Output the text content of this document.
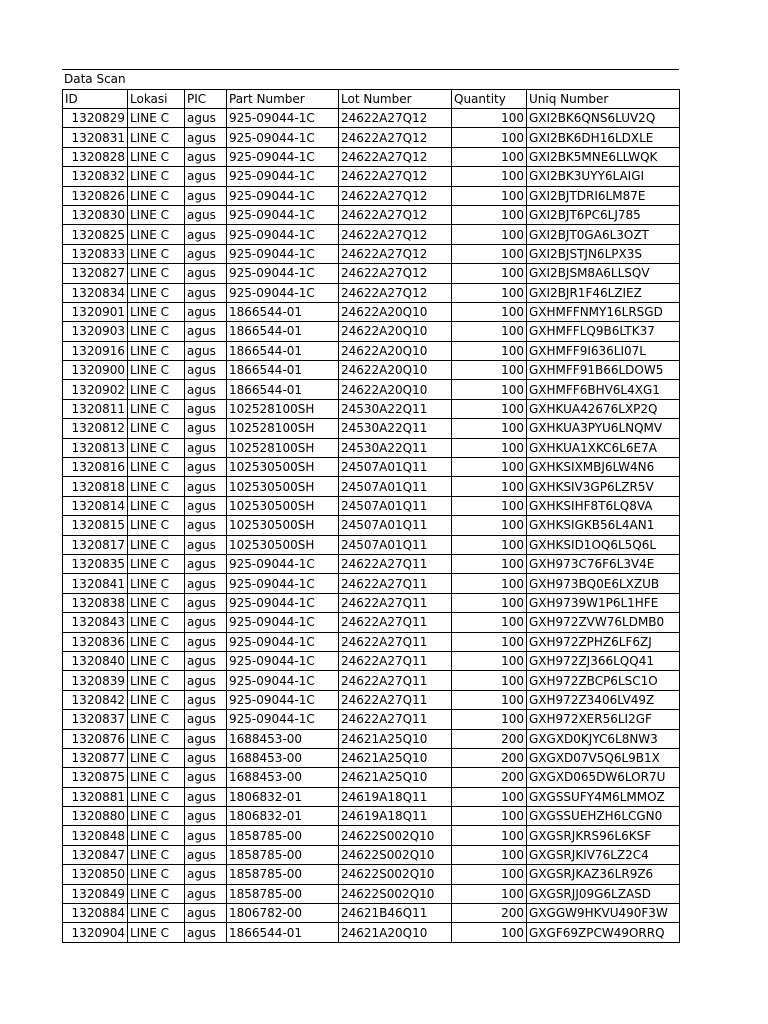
Data Scan
ID	Lokasi	PIC	Part Number	Lot Number	Quantity	Uniq Number
1320829	LINE C	agus	925-09044-1C	24622A27Q12	100	GXI2BK6QNS6LUV2Q
1320831	LINE C	agus	925-09044-1C	24622A27Q12	100	GXI2BK6DH16LDXLE
1320828	LINE C	agus	925-09044-1C	24622A27Q12	100	GXI2BK5MNE6LLWQK
1320832	LINE C	agus	925-09044-1C	24622A27Q12	100	GXI2BK3UYY6LAIGI
1320826	LINE C	agus	925-09044-1C	24622A27Q12	100	GXI2BJTDRI6LM87E
1320830	LINE C	agus	925-09044-1C	24622A27Q12	100	GXI2BJT6PC6LJ785
1320825	LINE C	agus	925-09044-1C	24622A27Q12	100	GXI2BJT0GA6L3OZT
1320833	LINE C	agus	925-09044-1C	24622A27Q12	100	GXI2BJSTJN6LPX3S
1320827	LINE C	agus	925-09044-1C	24622A27Q12	100	GXI2BJSM8A6LLSQV
1320834	LINE C	agus	925-09044-1C	24622A27Q12	100	GXI2BJR1F46LZIEZ
1320901	LINE C	agus	1866544-01	24622A20Q10	100	GXHMFFNMY16LRSGD
1320903	LINE C	agus	1866544-01	24622A20Q10	100	GXHMFFLQ9B6LTK37
1320916	LINE C	agus	1866544-01	24622A20Q10	100	GXHMFF9I636LI07L
1320900	LINE C	agus	1866544-01	24622A20Q10	100	GXHMFF91B66LDOW5
1320902	LINE C	agus	1866544-01	24622A20Q10	100	GXHMFF6BHV6L4XG1
1320811	LINE C	agus	102528100SH	24530A22Q11	100	GXHKUA42676LXP2Q
1320812	LINE C	agus	102528100SH	24530A22Q11	100	GXHKUA3PYU6LNQMV
1320813	LINE C	agus	102528100SH	24530A22Q11	100	GXHKUA1XKC6L6E7A
1320816	LINE C	agus	102530500SH	24507A01Q11	100	GXHKSIXMBJ6LW4N6
1320818	LINE C	agus	102530500SH	24507A01Q11	100	GXHKSIV3GP6LZR5V
1320814	LINE C	agus	102530500SH	24507A01Q11	100	GXHKSIHF8T6LQ8VA
1320815	LINE C	agus	102530500SH	24507A01Q11	100	GXHKSIGKB56L4AN1
1320817	LINE C	agus	102530500SH	24507A01Q11	100	GXHKSID1OQ6L5Q6L
1320835	LINE C	agus	925-09044-1C	24622A27Q11	100	GXH973C76F6L3V4E
1320841	LINE C	agus	925-09044-1C	24622A27Q11	100	GXH973BQ0E6LXZUB
1320838	LINE C	agus	925-09044-1C	24622A27Q11	100	GXH9739W1P6L1HFE
1320843	LINE C	agus	925-09044-1C	24622A27Q11	100	GXH972ZVW76LDMB0
1320836	LINE C	agus	925-09044-1C	24622A27Q11	100	GXH972ZPHZ6LF6ZJ
1320840	LINE C	agus	925-09044-1C	24622A27Q11	100	GXH972ZJ366LQQ41
1320839	LINE C	agus	925-09044-1C	24622A27Q11	100	GXH972ZBCP6LSC1O
1320842	LINE C	agus	925-09044-1C	24622A27Q11	100	GXH972Z3406LV49Z
1320837	LINE C	agus	925-09044-1C	24622A27Q11	100	GXH972XER56LI2GF
1320876	LINE C	agus	1688453-00	24621A25Q10	200	GXGXD0KJYC6L8NW3
1320877	LINE C	agus	1688453-00	24621A25Q10	200	GXGXD07V5Q6L9B1X
1320875	LINE C	agus	1688453-00	24621A25Q10	200	GXGXD065DW6LOR7U
1320881	LINE C	agus	1806832-01	24619A18Q11	100	GXGSSUFY4M6LMMOZ
1320880	LINE C	agus	1806832-01	24619A18Q11	100	GXGSSUEHZH6LCGN0
1320848	LINE C	agus	1858785-00	24622S002Q10	100	GXGSRJKRS96L6KSF
1320847	LINE C	agus	1858785-00	24622S002Q10	100	GXGSRJKIV76LZ2C4
1320850	LINE C	agus	1858785-00	24622S002Q10	100	GXGSRJKAZ36LR9Z6
1320849	LINE C	agus	1858785-00	24622S002Q10	100	GXGSRJJ09G6LZASD
1320884	LINE C	agus	1806782-00	24621B46Q11	200	GXGGW9HKVU490F3W
1320904	LINE C	agus	1866544-01	24621A20Q10	100	GXGF69ZPCW49ORRQ
